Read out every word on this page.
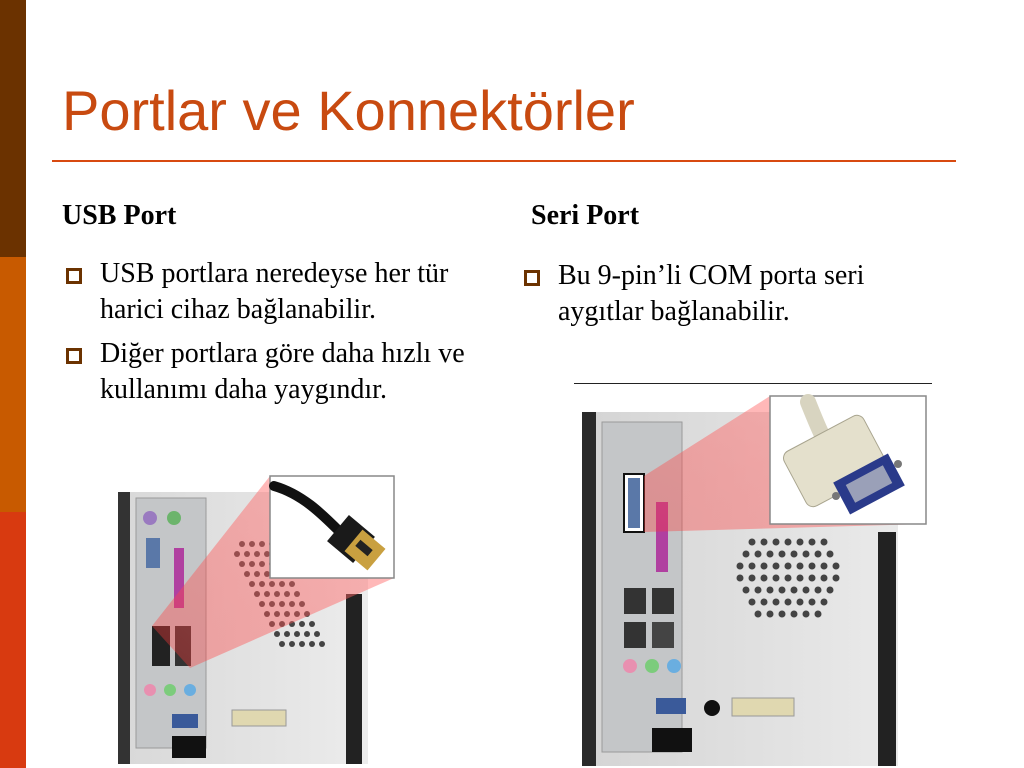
Portlar ve Konnektörler
USB Port
USB portlara neredeyse her tür harici cihaz bağlanabilir.
Diğer portlara göre daha hızlı ve kullanımı daha yaygındır.
Seri Port
Bu 9-pin’li COM porta seri aygıtlar bağlanabilir.
